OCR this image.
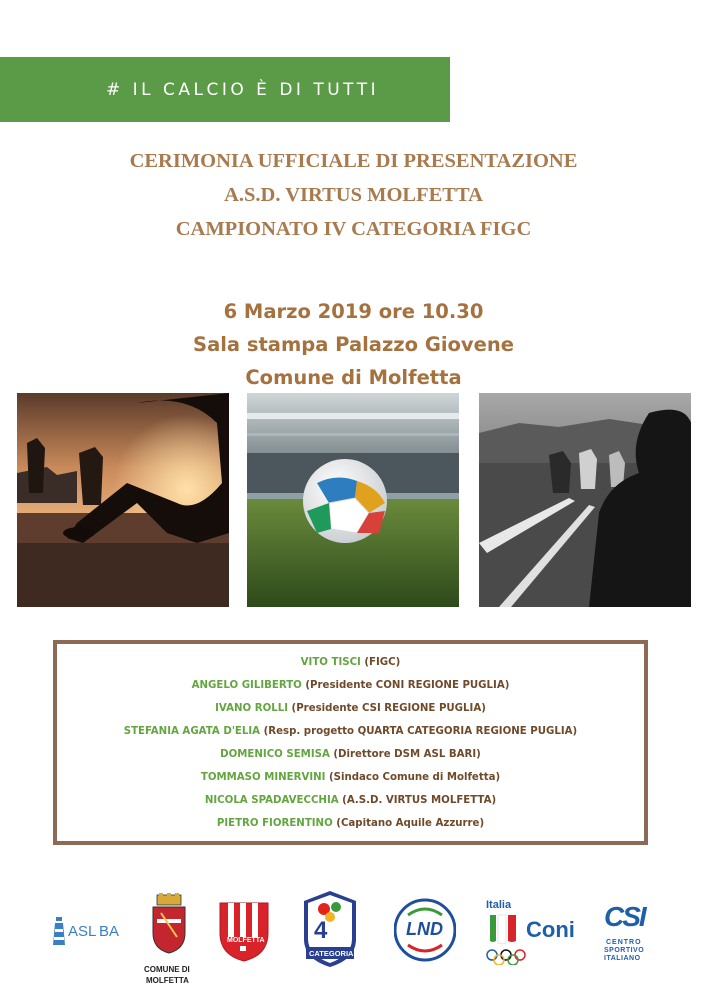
# IL CALCIO È DI TUTTI
CERIMONIA UFFICIALE DI PRESENTAZIONE
A.S.D. VIRTUS MOLFETTA
CAMPIONATO IV CATEGORIA FIGC
6 Marzo 2019 ore 10.30
Sala stampa Palazzo Giovene
Comune di Molfetta
VITO TISCI (FIGC)
ANGELO GILIBERTO (Presidente CONI REGIONE PUGLIA)
IVANO ROLLI (Presidente CSI REGIONE PUGLIA)
STEFANIA AGATA D'ELIA (Resp. progetto QUARTA CATEGORIA REGIONE PUGLIA)
DOMENICO SEMISA (Direttore DSM ASL BARI)
TOMMASO MINERVINI (Sindaco Comune di Molfetta)
NICOLA SPADAVECCHIA (A.S.D. VIRTUS MOLFETTA)
PIETRO FIORENTINO (Capitano Aquile Azzurre)
ASL BA
COMUNE DI
MOLFETTA
MOLFETTA 4
CATEGORIA
LND
Italia
Coni CSI
CENTRO
SPORTIVO
ITALIANO
